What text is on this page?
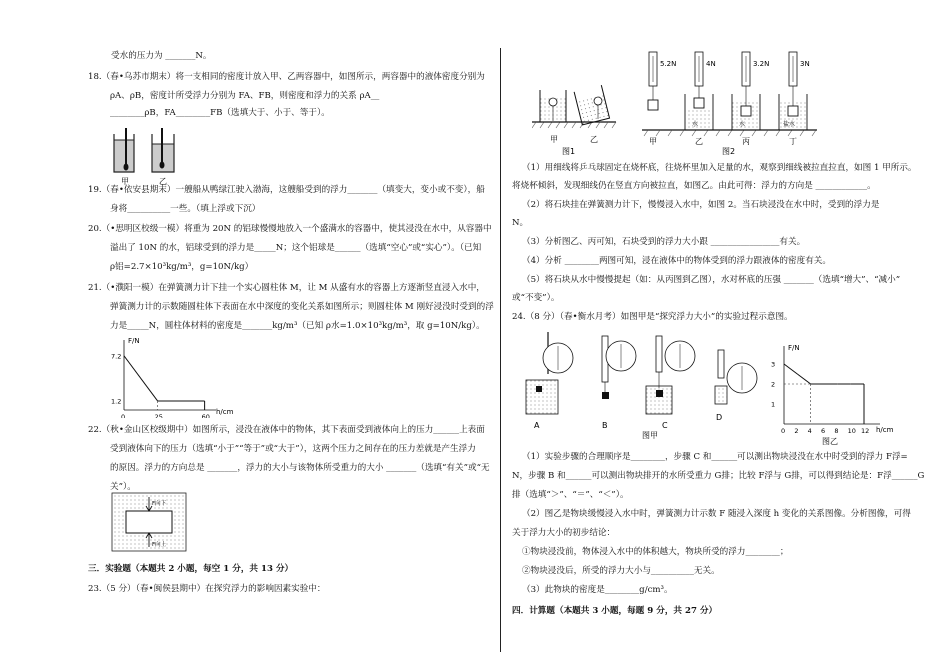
受水的压力为 _______N。
18.（春•乌苏市期末）将一支相同的密度计放入甲、乙两容器中，如图所示，两容器中的液体密度分别为
ρA、ρB，密度计所受浮力分别为 FA、FB，则密度和浮力的关系 ρA__
________ρB，FA________FB（选填大于、小于、等于）。
甲	乙
19.（春•依安县期末）一艘船从鸭绿江驶入渤海，这艘船受到的浮力_______（填变大，变小或不变），船
身将__________一些。（填上浮或下沉）
20.（•思明区校级一模）将重为 20N 的铝球慢慢地放入一个盛满水的容器中，使其浸没在水中，从容器中
溢出了 10N 的水，铝球受到的浮力是_____N；这个铝球是______（选填“空心”或“实心”）。（已知
ρ铝=2.7×10³kg/m³，g=10N/kg）
21.（•濮阳一模）在弹簧测力计下挂一个实心圆柱体 M，让 M 从盛有水的容器上方逐渐竖直浸入水中，
弹簧测力计的示数随圆柱体下表面在水中深度的变化关系如图所示；则圆柱体 M 刚好浸没时受到的浮
力是_____N，圆柱体材料的密度是_______kg/m³（已知 ρ水=1.0×10³kg/m³，取 g=10N/kg）。
F/N
h/cm
0	25	60
1.2
7.2
22.（秋•金山区校级期中）如图所示，浸没在液体中的物体，其下表面受到液体向上的压力______上表面
受到液体向下的压力（选填“小于”“等于”或“大于”），这两个压力之间存在的压力差就是产生浮力
的原因。浮力的方向总是 _______，浮力的大小与该物体所受重力的大小 _______（选填“有关”或“无
关”）。
F向下
F向上
三．实验题（本题共 2 小题，每空 1 分，共 13 分）
23.（5 分）（春•闽侯县期中）在探究浮力的影响因素实验中：
甲	乙
图1
5.2N	4N
水
3.2N
水
3N
盐水
甲	乙	丙	丁
图2
（1）用细线将乒乓球固定在烧杯底，往烧杯里加入足量的水，观察到细线被拉直拉直，如图 1 甲所示。
将烧杯倾斜，发现细线仍在竖直方向被拉直，如图乙。由此可得：浮力的方向是 ____________。
（2）将石块挂在弹簧测力计下，慢慢浸入水中，如图 2。当石块浸没在水中时，受到的浮力是
N。
（3）分析图乙、丙可知，石块受到的浮力大小跟 ________________有关。
（4）分析 ________两图可知，浸在液体中的物体受到的浮力跟液体的密度有关。
（5）将石块从水中慢慢提起（如：从丙图到乙图），水对杯底的压强 _______（选填“增大”、“减小”
或“不变”）。
24.（8 分）（春•衡水月考）如图甲是“探究浮力大小”的实验过程示意图。
A	B	C
D
图甲
F/N
h/cm
图乙
0 2 4 6 8 10 12
1
2
3
（1）实验步骤的合理顺序是________，步骤 C 和______可以测出物块浸没在水中时受到的浮力 F浮=
N，步骤 B 和______可以测出物块排开的水所受重力 G排；比较 F浮与 G排，可以得到结论是：F浮______G
排（选填“＞”、“＝”、“＜”）。
（2）图乙是物块缓慢浸入水中时，弹簧测力计示数 F 随浸入深度 h 变化的关系图像。分析图像，可得
关于浮力大小的初步结论：
①物块浸没前，物体浸入水中的体积越大，物块所受的浮力________；
②物块浸没后，所受的浮力大小与__________无关。
（3）此物块的密度是________g/cm³。
四．计算题（本题共 3 小题，每题 9 分，共 27 分）
